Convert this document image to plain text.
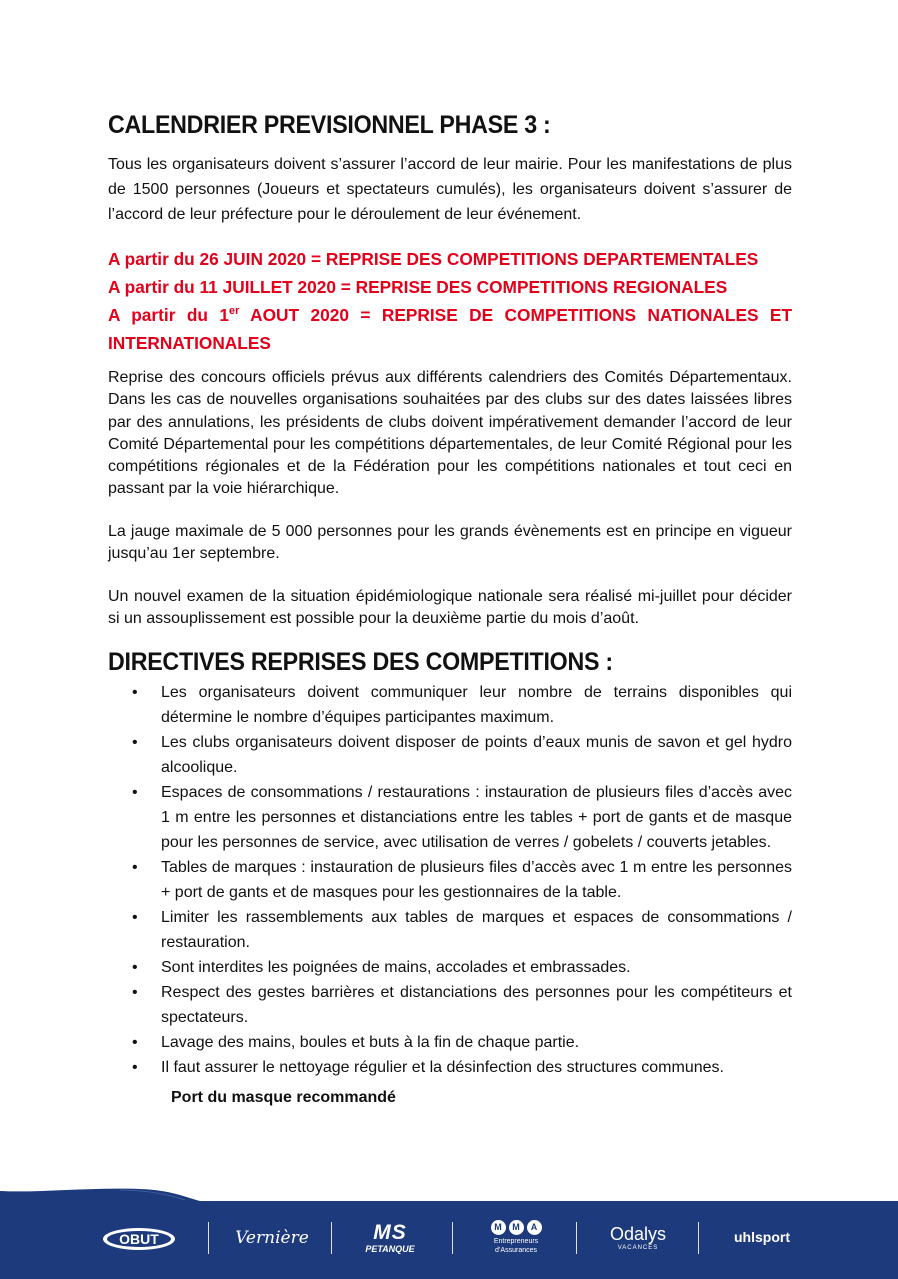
CALENDRIER PREVISIONNEL PHASE 3 :

Tous les organisateurs doivent s’assurer l’accord de leur mairie. Pour les manifestations de plus de 1500 personnes (Joueurs et spectateurs cumulés), les organisateurs doivent s’assurer de l’accord de leur préfecture pour le déroulement de leur événement.

A partir du 26 JUIN 2020 = REPRISE DES COMPETITIONS DEPARTEMENTALES

A partir du 11 JUILLET 2020 = REPRISE DES COMPETITIONS REGIONALES

A partir du 1er AOUT 2020 = REPRISE DE COMPETITIONS NATIONALES ET INTERNATIONALES

Reprise des concours officiels prévus aux différents calendriers des Comités Départementaux. Dans les cas de nouvelles organisations souhaitées par des clubs sur des dates laissées libres par des annulations, les présidents de clubs doivent impérativement demander l’accord de leur Comité Départemental pour les compétitions départementales, de leur Comité Régional pour les compétitions régionales et de la Fédération pour les compétitions nationales et tout ceci en passant par la voie hiérarchique.

La jauge maximale de 5 000 personnes pour les grands évènements est en principe en vigueur jusqu’au 1er septembre.

Un nouvel examen de la situation épidémiologique nationale sera réalisé mi-juillet pour décider si un assouplissement est possible pour la deuxième partie du mois d’août.

DIRECTIVES REPRISES DES COMPETITIONS :
• Les organisateurs doivent communiquer leur nombre de terrains disponibles qui détermine le nombre d’équipes participantes maximum.
• Les clubs organisateurs doivent disposer de points d’eaux munis de savon et gel hydro alcoolique.
• Espaces de consommations / restaurations : instauration de plusieurs files d’accès avec 1 m entre les personnes et distanciations entre les tables + port de gants et de masque pour les personnes de service, avec utilisation de verres / gobelets / couverts jetables.
• Tables de marques : instauration de plusieurs files d’accès avec 1 m entre les personnes + port de gants et de masques pour les gestionnaires de la table.
• Limiter les rassemblements aux tables de marques et espaces de consommations / restauration.
• Sont interdites les poignées de mains, accolades et embrassades.
• Respect des gestes barrières et distanciations des personnes pour les compétiteurs et spectateurs.
• Lavage des mains, boules et buts à la fin de chaque partie.
• Il faut assurer le nettoyage régulier et la désinfection des structures communes.
Port du masque recommandé
OBUT	Vernière	MS
PETANQUE
M	M	A
Entrepreneurs
d’Assurances
Odalys
VACANCES
uhlsport
